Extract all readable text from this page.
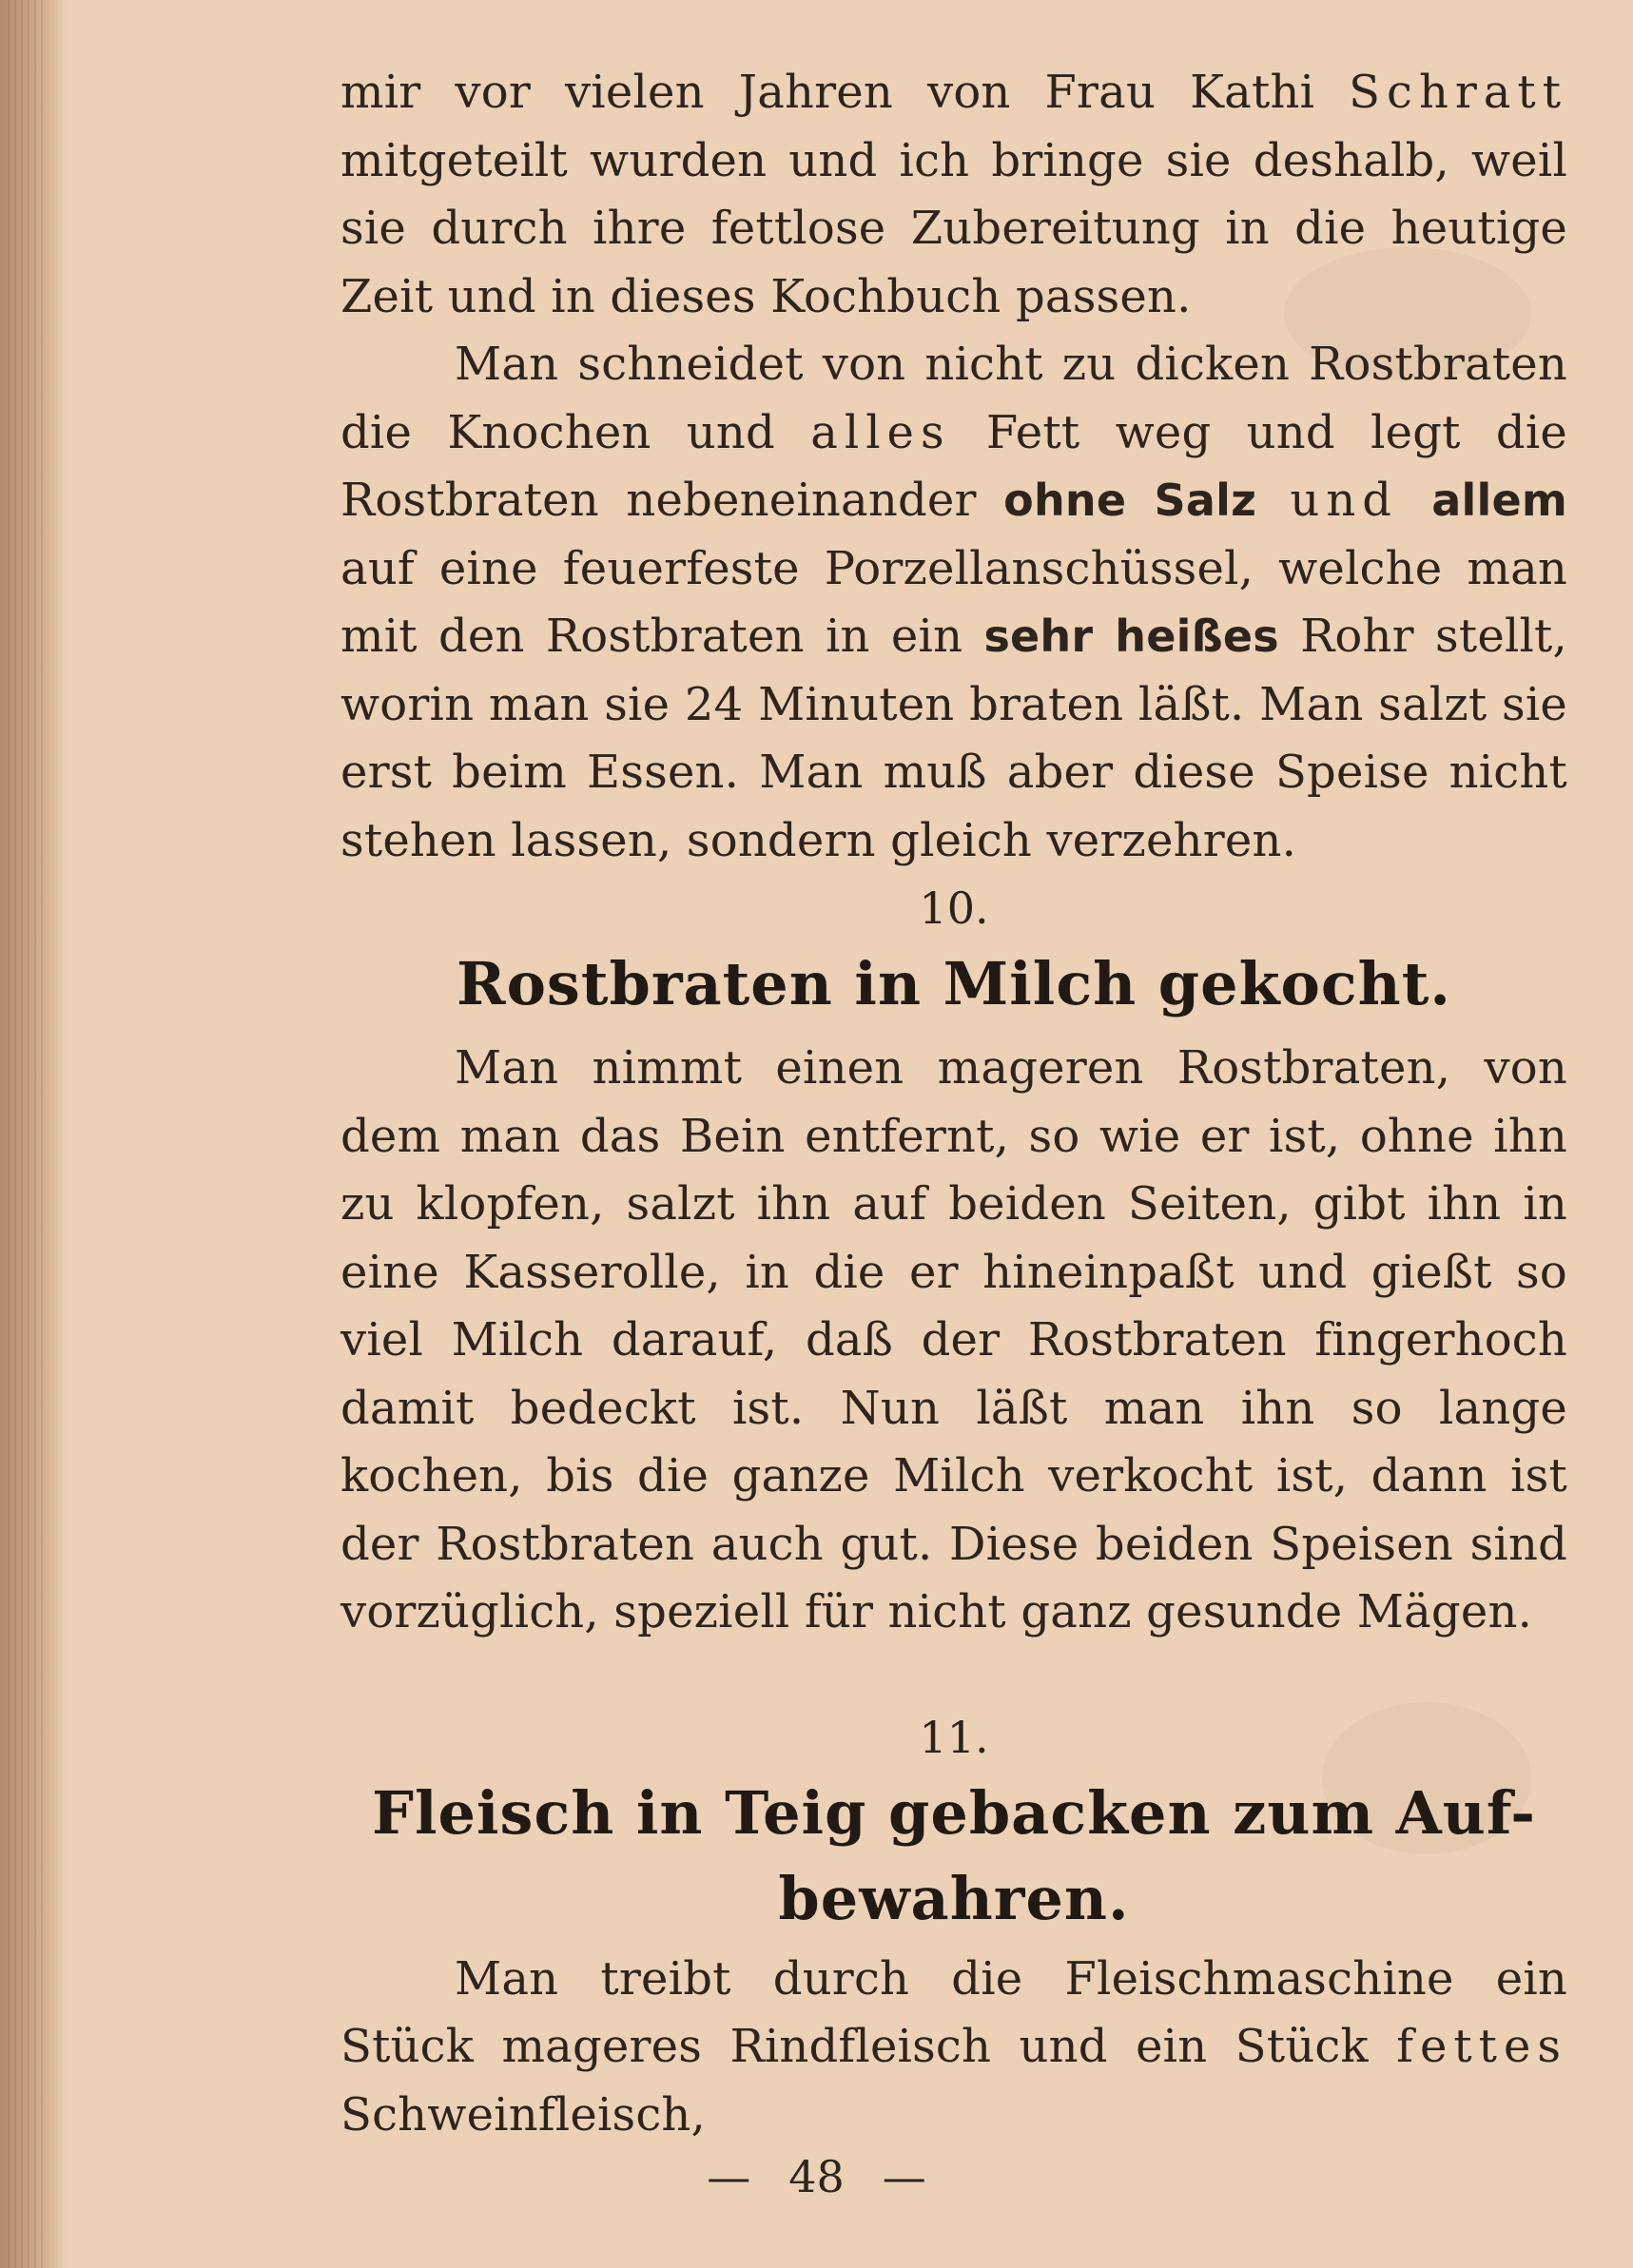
mir vor vielen Jahren von Frau Kathi Schratt mitgeteilt wurden und ich bringe sie deshalb, weil sie durch ihre fettlose Zubereitung in die heutige Zeit und in dieses Kochbuch passen.

Man schneidet von nicht zu dicken Rostbraten die Knochen und alles Fett weg und legt die Rostbraten nebeneinander ohne Salz und allem auf eine feuerfeste Porzellanschüssel, welche man mit den Rostbraten in ein sehr heißes Rohr stellt, worin man sie 24 Minuten braten läßt. Man salzt sie erst beim Essen. Man muß aber diese Speise nicht stehen lassen, sondern gleich verzehren.

10.

Rostbraten in Milch gekocht.

Man nimmt einen mageren Rostbraten, von dem man das Bein entfernt, so wie er ist, ohne ihn zu klopfen, salzt ihn auf beiden Seiten, gibt ihn in eine Kasserolle, in die er hineinpaßt und gießt so viel Milch darauf, daß der Rostbraten fingerhoch damit bedeckt ist. Nun läßt man ihn so lange kochen, bis die ganze Milch verkocht ist, dann ist der Rostbraten auch gut. Diese beiden Speisen sind vorzüglich, speziell für nicht ganz gesunde Mägen.

11.

Fleisch in Teig gebacken zum Auf-
bewahren.

Man treibt durch die Fleischmaschine ein Stück mageres Rindfleisch und ein Stück fettes Schweinfleisch,

— 48 —
